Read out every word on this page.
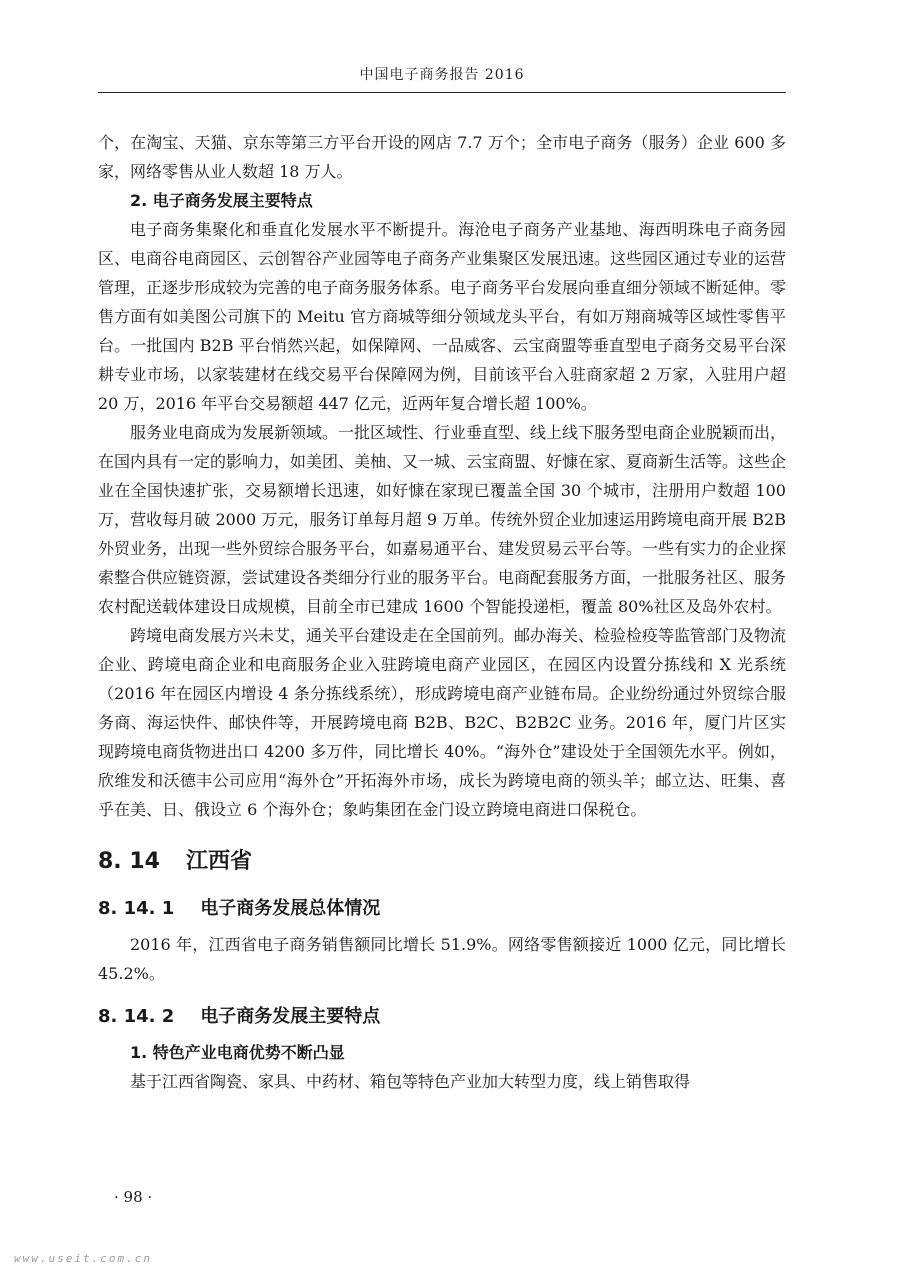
中国电子商务报告 2016

个，在淘宝、天猫、京东等第三方平台开设的网店 7.7 万个；全市电子商务（服务）企业 600 多家，网络零售从业人数超 18 万人。

2. 电子商务发展主要特点

电子商务集聚化和垂直化发展水平不断提升。海沧电子商务产业基地、海西明珠电子商务园区、电商谷电商园区、云创智谷产业园等电子商务产业集聚区发展迅速。这些园区通过专业的运营管理，正逐步形成较为完善的电子商务服务体系。电子商务平台发展向垂直细分领域不断延伸。零售方面有如美图公司旗下的 Meitu 官方商城等细分领域龙头平台，有如万翔商城等区域性零售平台。一批国内 B2B 平台悄然兴起，如保障网、一品威客、云宝商盟等垂直型电子商务交易平台深耕专业市场，以家装建材在线交易平台保障网为例，目前该平台入驻商家超 2 万家，入驻用户超 20 万，2016 年平台交易额超 447 亿元，近两年复合增长超 100%。

服务业电商成为发展新领域。一批区域性、行业垂直型、线上线下服务型电商企业脱颖而出，在国内具有一定的影响力，如美团、美柚、又一城、云宝商盟、好慷在家、夏商新生活等。这些企业在全国快速扩张，交易额增长迅速，如好慷在家现已覆盖全国 30 个城市，注册用户数超 100 万，营收每月破 2000 万元，服务订单每月超 9 万单。传统外贸企业加速运用跨境电商开展 B2B 外贸业务，出现一些外贸综合服务平台，如嘉易通平台、建发贸易云平台等。一些有实力的企业探索整合供应链资源，尝试建设各类细分行业的服务平台。电商配套服务方面，一批服务社区、服务农村配送载体建设日成规模，目前全市已建成 1600 个智能投递柜，覆盖 80%社区及岛外农村。

跨境电商发展方兴未艾，通关平台建设走在全国前列。邮办海关、检验检疫等监管部门及物流企业、跨境电商企业和电商服务企业入驻跨境电商产业园区，在园区内设置分拣线和 X 光系统（2016 年在园区内增设 4 条分拣线系统），形成跨境电商产业链布局。企业纷纷通过外贸综合服务商、海运快件、邮快件等，开展跨境电商 B2B、B2C、B2B2C 业务。2016 年，厦门片区实现跨境电商货物进出口 4200 多万件，同比增长 40%。“海外仓”建设处于全国领先水平。例如，欣维发和沃德丰公司应用“海外仓”开拓海外市场，成长为跨境电商的领头羊；邮立达、旺集、喜乎在美、日、俄设立 6 个海外仓；象屿集团在金门设立跨境电商进口保税仓。

8. 14 江西省
8. 14. 1 电子商务发展总体情况

2016 年，江西省电子商务销售额同比增长 51.9%。网络零售额接近 1000 亿元，同比增长 45.2%。

8. 14. 2 电子商务发展主要特点
1. 特色产业电商优势不断凸显

基于江西省陶瓷、家具、中药材、箱包等特色产业加大转型力度，线上销售取得

· 98 ·
www.useit.com.cn
